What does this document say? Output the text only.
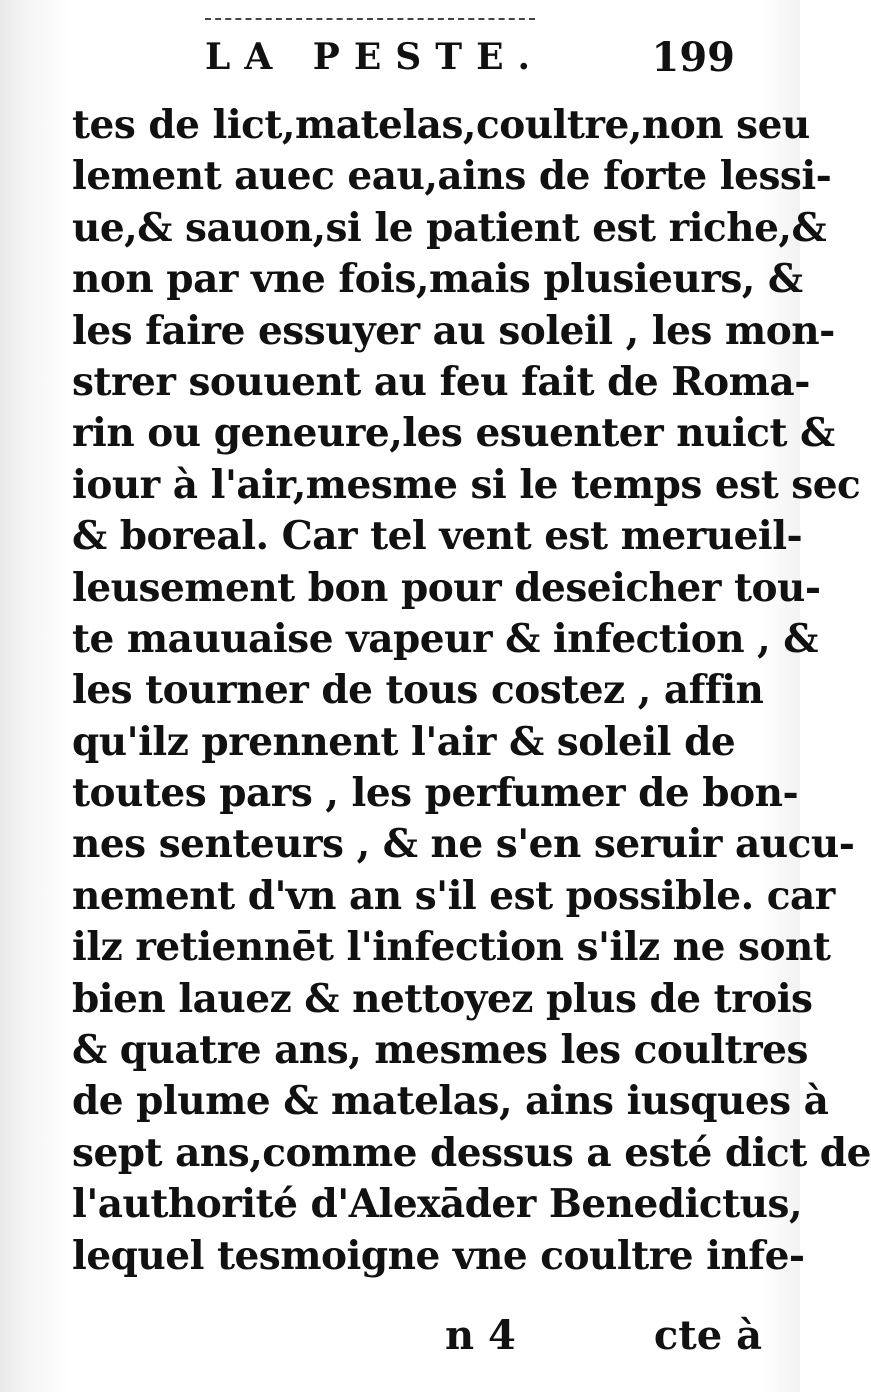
LA PESTE.	199
tes de lict,matelas,coultre,non seu
lement auec eau,ains de forte lessi-
ue,& sauon,si le patient est riche,&
non par vne fois,mais plusieurs, &
les faire essuyer au soleil , les mon-
strer souuent au feu fait de Roma-
rin ou geneure,les esuenter nuict &
iour à l'air,mesme si le temps est sec
& boreal. Car tel vent est merueil-
leusement bon pour deseicher tou-
te mauuaise vapeur & infection , &
les tourner de tous costez , affin
qu'ilz prennent l'air & soleil de
toutes pars , les perfumer de bon-
nes senteurs , & ne s'en seruir aucu-
nement d'vn an s'il est possible. car
ilz retiennēt l'infection s'ilz ne sont
bien lauez & nettoyez plus de trois
& quatre ans, mesmes les coultres
de plume & matelas, ains iusques à
sept ans,comme dessus a esté dict de
l'authorité d'Alexāder Benedictus,
lequel tesmoigne vne coultre infe-
n 4	cte à
